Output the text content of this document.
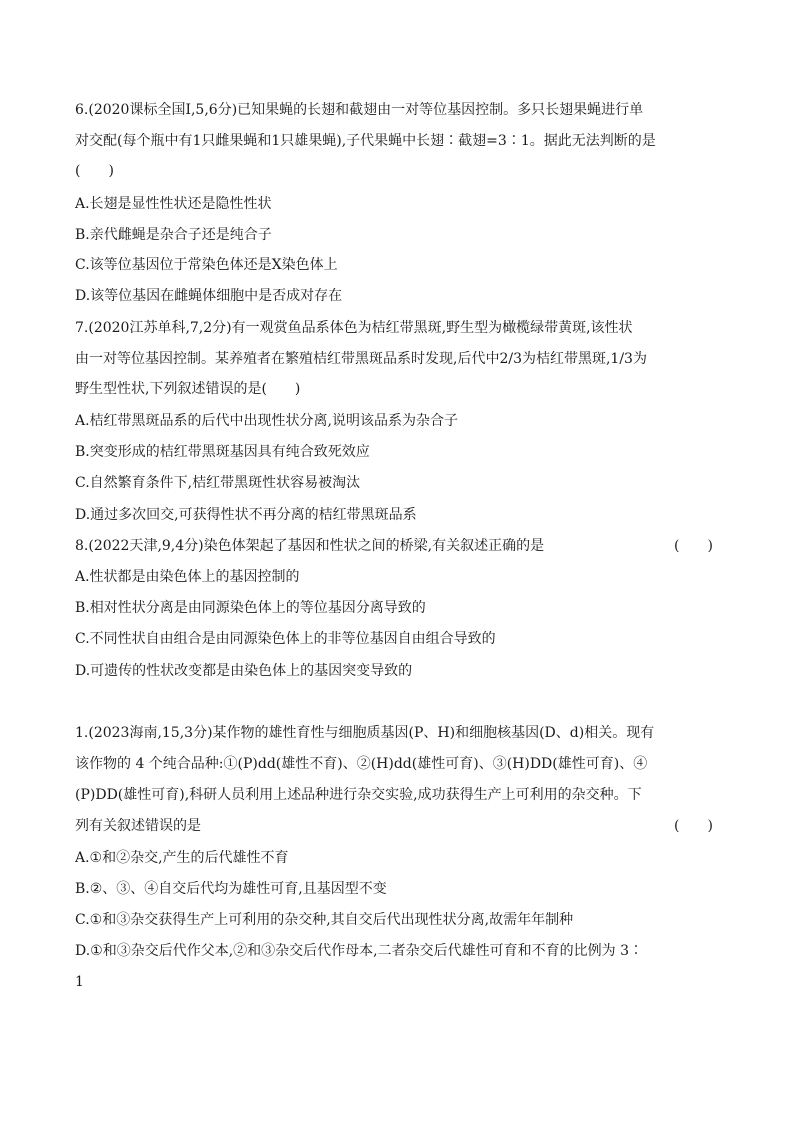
6.(2020课标全国Ⅰ,5,6分)已知果蝇的长翅和截翅由一对等位基因控制。多只长翅果蝇进行单
对交配(每个瓶中有1只雌果蝇和1只雄果蝇),子代果蝇中长翅∶截翅=3∶1。据此无法判断的是
(　　)
A.长翅是显性性状还是隐性性状
B.亲代雌蝇是杂合子还是纯合子
C.该等位基因位于常染色体还是X染色体上
D.该等位基因在雌蝇体细胞中是否成对存在
7.(2020江苏单科,7,2分)有一观赏鱼品系体色为桔红带黑斑,野生型为橄榄绿带黄斑,该性状
由一对等位基因控制。某养殖者在繁殖桔红带黑斑品系时发现,后代中2/3为桔红带黑斑,1/3为
野生型性状,下列叙述错误的是(　　)
A.桔红带黑斑品系的后代中出现性状分离,说明该品系为杂合子
B.突变形成的桔红带黑斑基因具有纯合致死效应
C.自然繁育条件下,桔红带黑斑性状容易被淘汰
D.通过多次回交,可获得性状不再分离的桔红带黑斑品系
8.(2022天津,9,4分)染色体架起了基因和性状之间的桥梁,有关叙述正确的是	(　　)
A.性状都是由染色体上的基因控制的
B.相对性状分离是由同源染色体上的等位基因分离导致的
C.不同性状自由组合是由同源染色体上的非等位基因自由组合导致的
D.可遗传的性状改变都是由染色体上的基因突变导致的
1.(2023海南,15,3分)某作物的雄性育性与细胞质基因(P、H)和细胞核基因(D、d)相关。现有
该作物的 4 个纯合品种:①(P)dd(雄性不育)、②(H)dd(雄性可育)、③(H)DD(雄性可育)、④
(P)DD(雄性可育),科研人员利用上述品种进行杂交实验,成功获得生产上可利用的杂交种。下
列有关叙述错误的是	(　　)
A.①和②杂交,产生的后代雄性不育
B.②、③、④自交后代均为雄性可育,且基因型不变
C.①和③杂交获得生产上可利用的杂交种,其自交后代出现性状分离,故需年年制种
D.①和③杂交后代作父本,②和③杂交后代作母本,二者杂交后代雄性可育和不育的比例为 3∶
1
